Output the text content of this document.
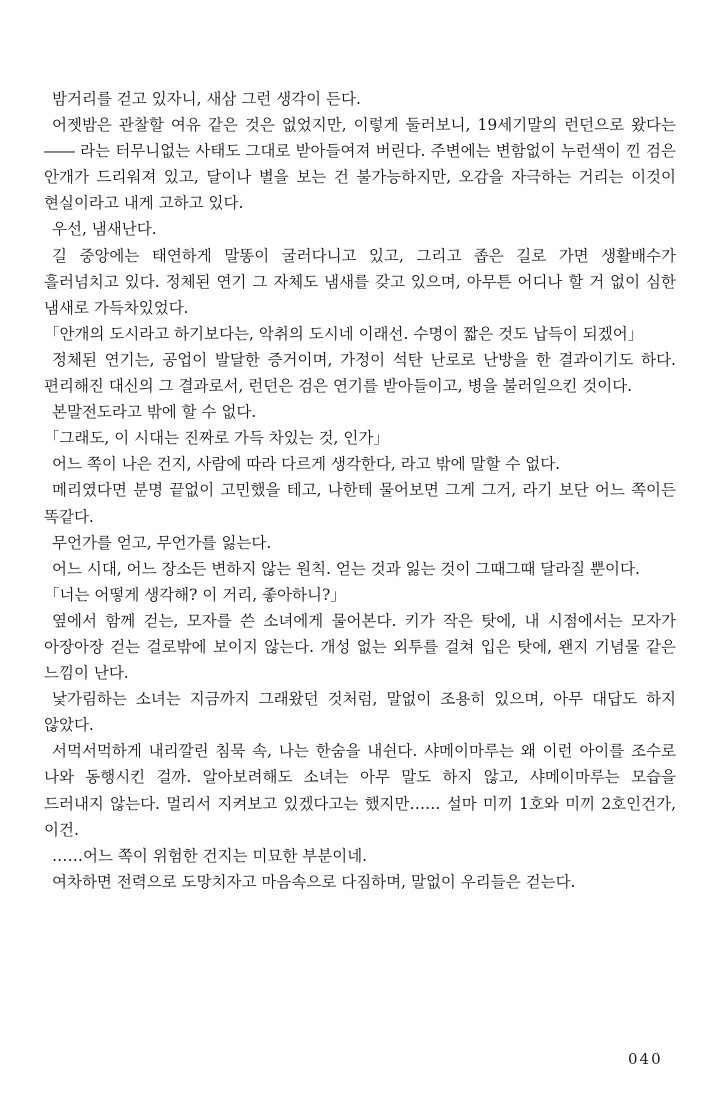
밤거리를 걷고 있자니, 새삼 그런 생각이 든다.

어젯밤은 관찰할 여유 같은 것은 없었지만, 이렇게 둘러보니, 19세기말의 런던으로 왔다는―― 라는 터무니없는 사태도 그대로 받아들여져 버린다. 주변에는 변함없이 누런색이 낀 검은 안개가 드리워져 있고, 달이나 별을 보는 건 불가능하지만, 오감을 자극하는 거리는 이것이 현실이라고 내게 고하고 있다.

우선, 냄새난다.

길 중앙에는 태연하게 말똥이 굴러다니고 있고, 그리고 좁은 길로 가면 생활배수가 흘러넘치고 있다. 정체된 연기 그 자체도 냄새를 갖고 있으며, 아무튼 어디나 할 거 없이 심한 냄새로 가득차있었다.

「안개의 도시라고 하기보다는, 악취의 도시네 이래선. 수명이 짧은 것도 납득이 되겠어」

정체된 연기는, 공업이 발달한 증거이며, 가정이 석탄 난로로 난방을 한 결과이기도 하다. 편리해진 대신의 그 결과로서, 런던은 검은 연기를 받아들이고, 병을 불러일으킨 것이다.

본말전도라고 밖에 할 수 없다.

「그래도, 이 시대는 진짜로 가득 차있는 것, 인가」

어느 쪽이 나은 건지, 사람에 따라 다르게 생각한다, 라고 밖에 말할 수 없다.

메리였다면 분명 끝없이 고민했을 테고, 나한테 물어보면 그게 그거, 라기 보단 어느 쪽이든 똑같다.

무언가를 얻고, 무언가를 잃는다.

어느 시대, 어느 장소든 변하지 않는 원칙. 얻는 것과 잃는 것이 그때그때 달라질 뿐이다.

「너는 어떻게 생각해? 이 거리, 좋아하니?」

옆에서 함께 걷는, 모자를 쓴 소녀에게 물어본다. 키가 작은 탓에, 내 시점에서는 모자가 아장아장 걷는 걸로밖에 보이지 않는다. 개성 없는 외투를 걸쳐 입은 탓에, 왠지 기념물 같은 느낌이 난다.

낯가림하는 소녀는 지금까지 그래왔던 것처럼, 말없이 조용히 있으며, 아무 대답도 하지 않았다.

서먹서먹하게 내리깔린 침묵 속, 나는 한숨을 내쉰다. 샤메이마루는 왜 이런 아이를 조수로 나와 동행시킨 걸까. 알아보려해도 소녀는 아무 말도 하지 않고, 샤메이마루는 모습을 드러내지 않는다. 멀리서 지켜보고 있겠다고는 했지만…… 설마 미끼 1호와 미끼 2호인건가, 이건.

……어느 쪽이 위험한 건지는 미묘한 부분이네.

여차하면 전력으로 도망치자고 마음속으로 다짐하며, 말없이 우리들은 걷는다.

040
